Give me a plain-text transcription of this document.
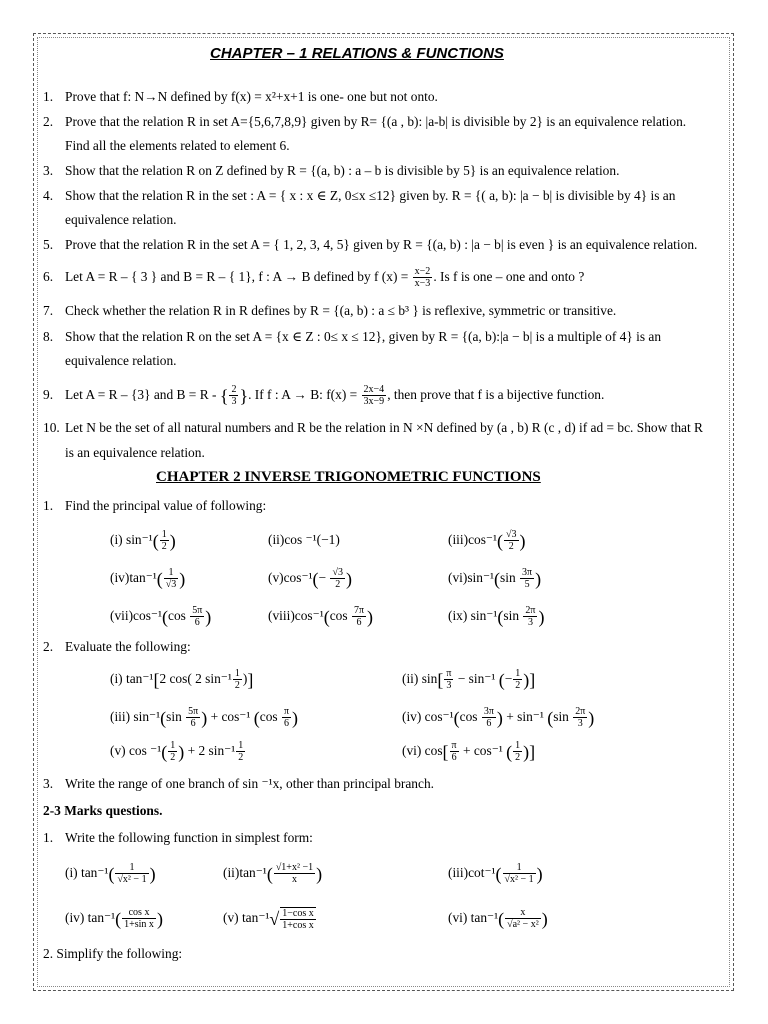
CHAPTER – 1 RELATIONS & FUNCTIONS
1. Prove that f: N→N defined by f(x) = x²+x+1 is one- one but not onto.
2. Prove that the relation R in set A={5,6,7,8,9} given by R= {(a , b): |a-b| is divisible by 2} is an equivalence relation.
Find all the elements related to element 6.
3. Show that the relation R on Z defined by R = {(a, b) : a – b is divisible by 5} is an equivalence relation.
4. Show that the relation R in the set : A = { x : x ∈ Z, 0≤x ≤12} given by. R = {( a, b): |a − b| is divisible by 4} is an
equivalence relation.
5. Prove that the relation R in the set A = { 1, 2, 3, 4, 5} given by R = {(a, b) : |a − b| is even } is an equivalence relation.
6. Let A = R – { 3 } and B = R – { 1}, f : A → B defined by f $(x) = \frac{x-2}{x-3}$ . Is f is one – one and onto ?
7. Check whether the relation R in R defines by R = {(a, b) : a ≤ b³ } is reflexive, symmetric or transitive.
8. Show that the relation R on the set A = {x ∈ Z : 0≤ x ≤ 12}, given by R = {(a, b):|a − b| is a multiple of 4} is an
equivalence relation.
9. Let A = R – {3} and B = R - { $\frac{2}{3}$ }. If f : A → B: $f(x) = \frac{2x-4}{3x-9}$ , then prove that f is a bijective function.
10. Let N be the set of all natural numbers and R be the relation in N ×N defined by (a , b) R (c , d) if ad = bc. Show that R
is an equivalence relation.
CHAPTER 2 INVERSE TRIGONOMETRIC FUNCTIONS
1. Find the principal value of following:
(i) $\sin^{-1}( \frac{1}{2}$ )	(ii)cos ⁻¹(−1)	$(iii)\cos^{-1}( \frac{√3}{2}$ )
$(iv)\tan^{-1}( \frac{1}{√3}$ )	$(v)\cos^{-1}(- \frac{√3}{2}$ )	$(vi)\sin^{-1}(\sin \frac{3\pi}{5}$ )
$(vii)\cos^{-1}(\cos \frac{5\pi}{6}$ )	(viii)cos⁻¹(cos $\frac{7\pi}{6}$ )	(ix) $\sin^{-1}(\sin \frac{2\pi}{3}$ )
2. Evaluate the following:
(i) tan⁻¹[2 cos( 2 $\sin^{-1} \frac{1}{2}$ )]	(ii) $\sin[ \frac{\pi}{3} - \sin^{-1}$ (− $\frac{1}{2}$ )]
(iii) $\sin^{-1}(\sin \frac{5\pi}{6}$ ) + cos⁻¹ ($\cos \frac{\pi}{6}$ )	(iv) $\cos^{-1}(\cos \frac{3\pi}{6}$ ) + sin⁻¹ ($\sin \frac{2\pi}{3}$ )
(v) $\cos ^{-1}( \frac{1}{2}$ ) + 2 $\sin^{-1} \frac{1}{2}$	(vi) $\cos[ \frac{\pi}{6} + \cos^{-1}$ ( $\frac{1}{2}$ )]
3. Write the range of one branch of sin ⁻¹x, other than principal branch.
2-3 Marks questions.
1. Write the following function in simplest form:
(i) $\tan^{-1}( \frac{1}{\text{√x² − 1}}$ )	$(ii)\tan^{-1}( \frac{\text{√1+x² −1}}{x}$ )	$(iii)\cot^{-1}( \frac{1}{\text{√x² − 1}}$ )
(iv) $\tan^{-1}( \frac{\text{cos x}}{\text{1+sin x}}$ )	(v) $\tan^{-1}√ \frac{\text{1−cos x}}{\text{1+cos x}}$	(vi) $\tan^{-1}( \frac{x}{\text{√a² − x²}}$ )
2. Simplify the following:
